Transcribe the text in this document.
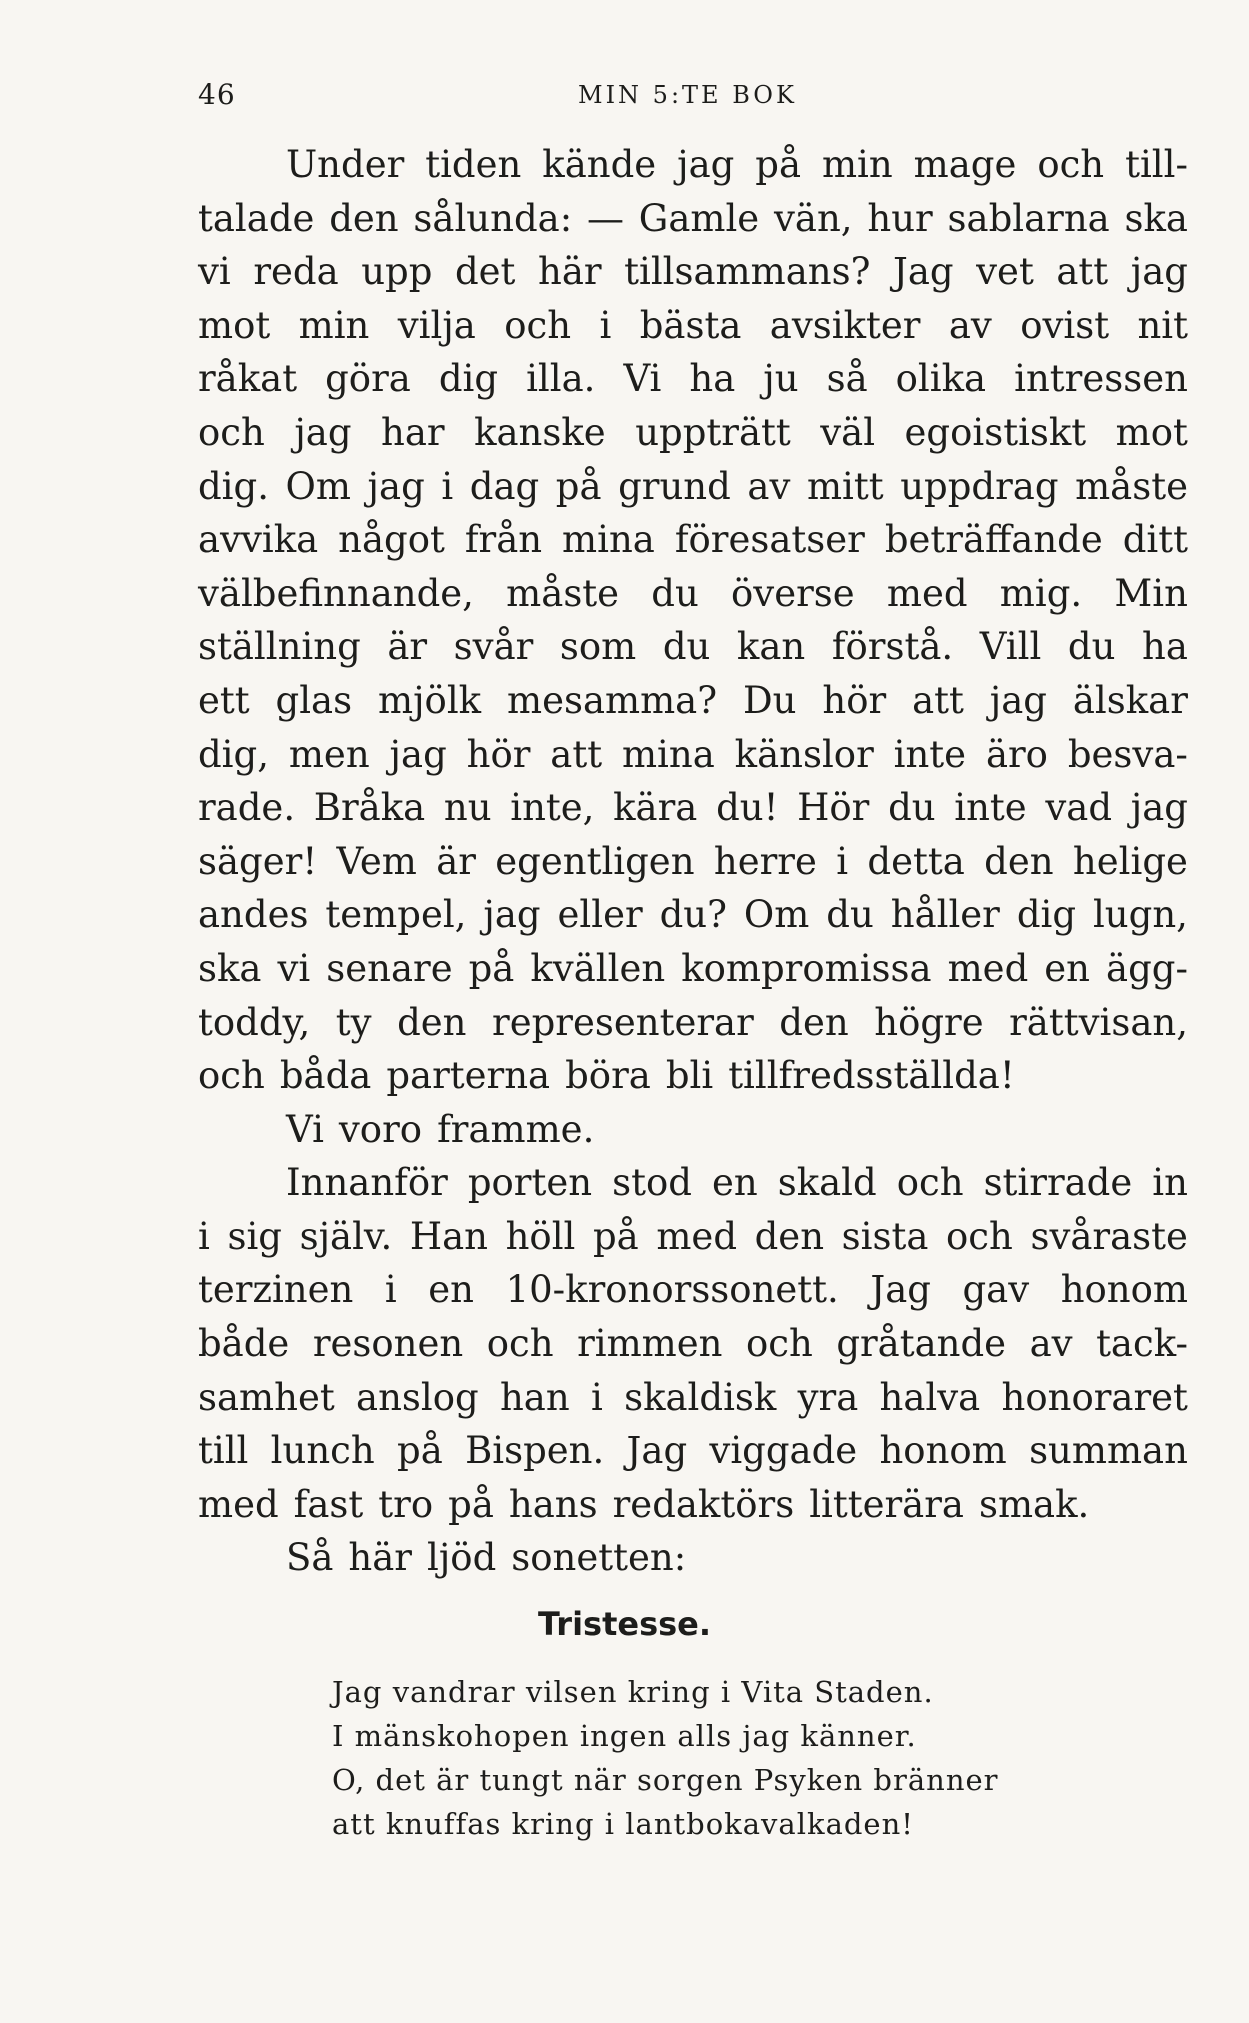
46	MIN 5:TE BOK
Under tiden kände jag på min mage och till-
talade den sålunda: — Gamle vän, hur sablarna ska
vi reda upp det här tillsammans? Jag vet att jag
mot min vilja och i bästa avsikter av ovist nit
råkat göra dig illa. Vi ha ju så olika intressen
och jag har kanske uppträtt väl egoistiskt mot
dig. Om jag i dag på grund av mitt uppdrag måste
avvika något från mina föresatser beträffande ditt
välbefinnande, måste du överse med mig. Min
ställning är svår som du kan förstå. Vill du ha
ett glas mjölk mesamma? Du hör att jag älskar
dig, men jag hör att mina känslor inte äro besva-
rade. Bråka nu inte, kära du! Hör du inte vad jag
säger! Vem är egentligen herre i detta den helige
andes tempel, jag eller du? Om du håller dig lugn,
ska vi senare på kvällen kompromissa med en ägg-
toddy, ty den representerar den högre rättvisan,
och båda parterna böra bli tillfredsställda!
Vi voro framme.
Innanför porten stod en skald och stirrade in
i sig själv. Han höll på med den sista och svåraste
terzinen i en 10-kronorssonett. Jag gav honom
både resonen och rimmen och gråtande av tack-
samhet anslog han i skaldisk yra halva honoraret
till lunch på Bispen. Jag viggade honom summan
med fast tro på hans redaktörs litterära smak.
Så här ljöd sonetten:
Tristesse.
Jag vandrar vilsen kring i Vita Staden.
I mänskohopen ingen alls jag känner.
O, det är tungt när sorgen Psyken bränner
att knuffas kring i lantbokavalkaden!
